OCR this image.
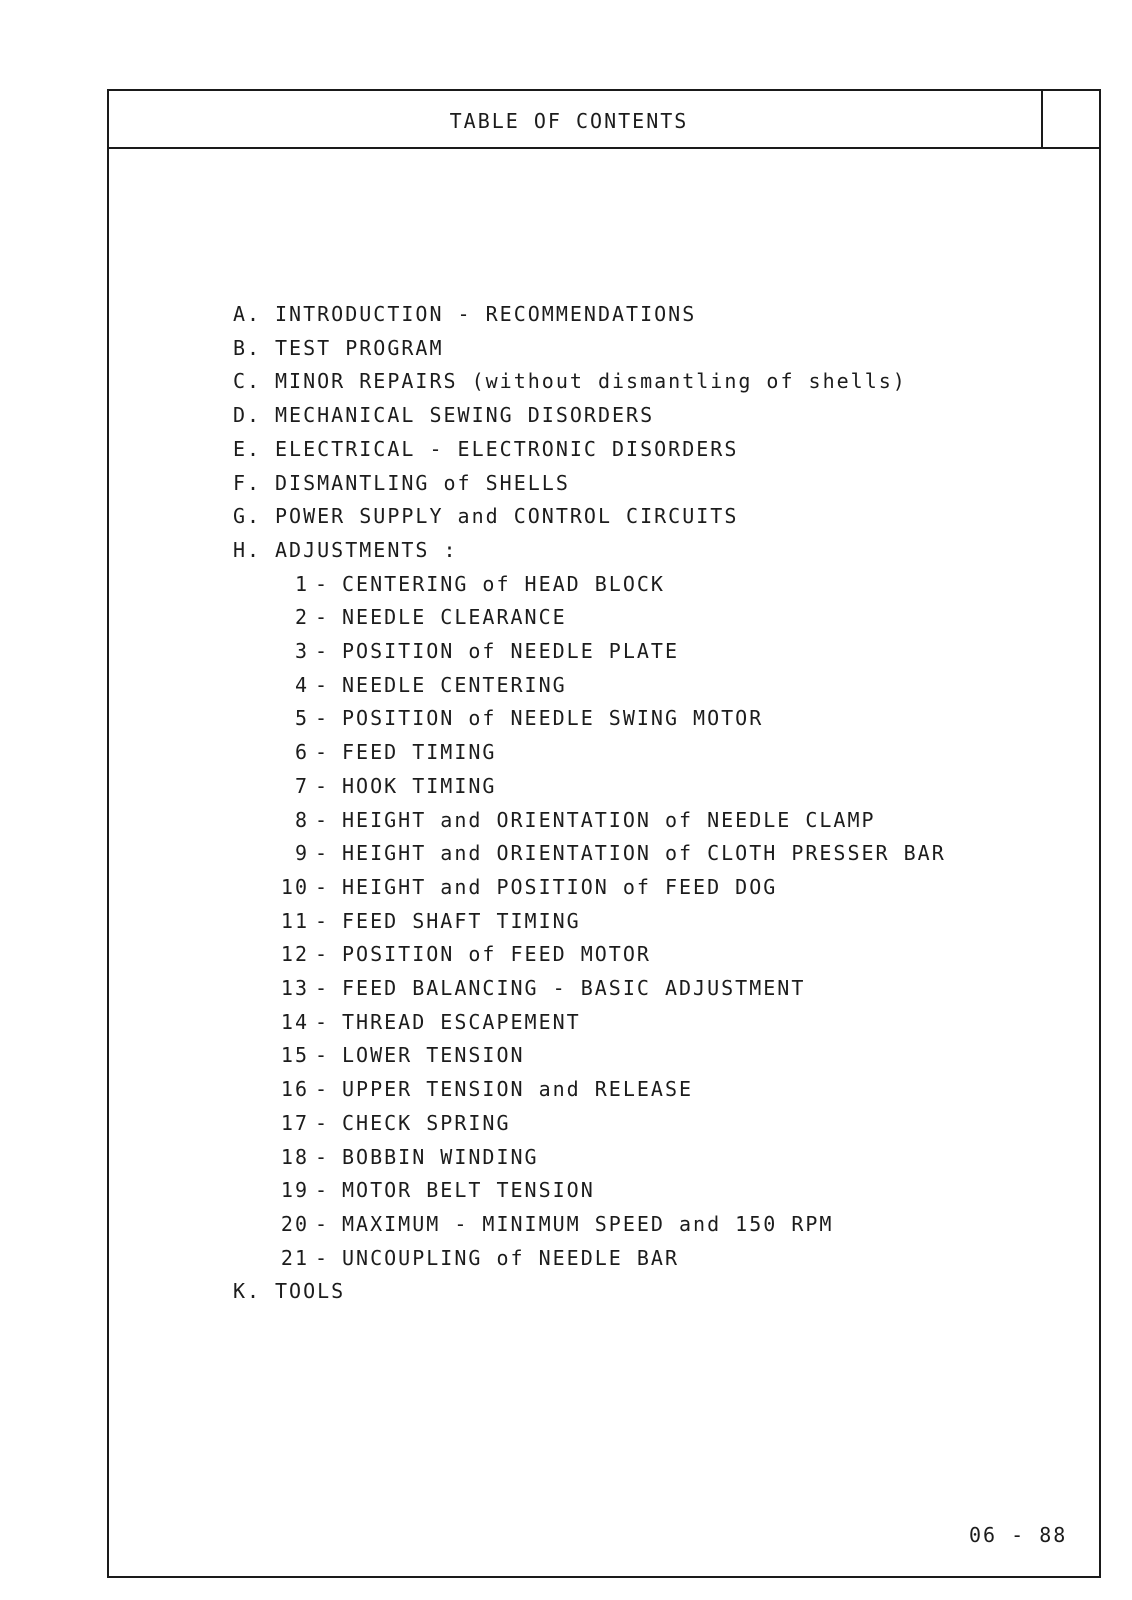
TABLE OF CONTENTS
A. INTRODUCTION - RECOMMENDATIONS
B. TEST PROGRAM
C. MINOR REPAIRS (without dismantling of shells)
D. MECHANICAL SEWING DISORDERS
E. ELECTRICAL - ELECTRONIC DISORDERS
F. DISMANTLING of SHELLS
G. POWER SUPPLY and CONTROL CIRCUITS
H. ADJUSTMENTS :
1 - CENTERING of HEAD BLOCK
2 - NEEDLE CLEARANCE
3 - POSITION of NEEDLE PLATE
4 - NEEDLE CENTERING
5 - POSITION of NEEDLE SWING MOTOR
6 - FEED TIMING
7 - HOOK TIMING
8 - HEIGHT and ORIENTATION of NEEDLE CLAMP
9 - HEIGHT and ORIENTATION of CLOTH PRESSER BAR
10 - HEIGHT and POSITION of FEED DOG
11 - FEED SHAFT TIMING
12 - POSITION of FEED MOTOR
13 - FEED BALANCING - BASIC ADJUSTMENT
14 - THREAD ESCAPEMENT
15 - LOWER TENSION
16 - UPPER TENSION and RELEASE
17 - CHECK SPRING
18 - BOBBIN WINDING
19 - MOTOR BELT TENSION
20 - MAXIMUM - MINIMUM SPEED and 150 RPM
21 - UNCOUPLING of NEEDLE BAR
K. TOOLS
06 - 88
